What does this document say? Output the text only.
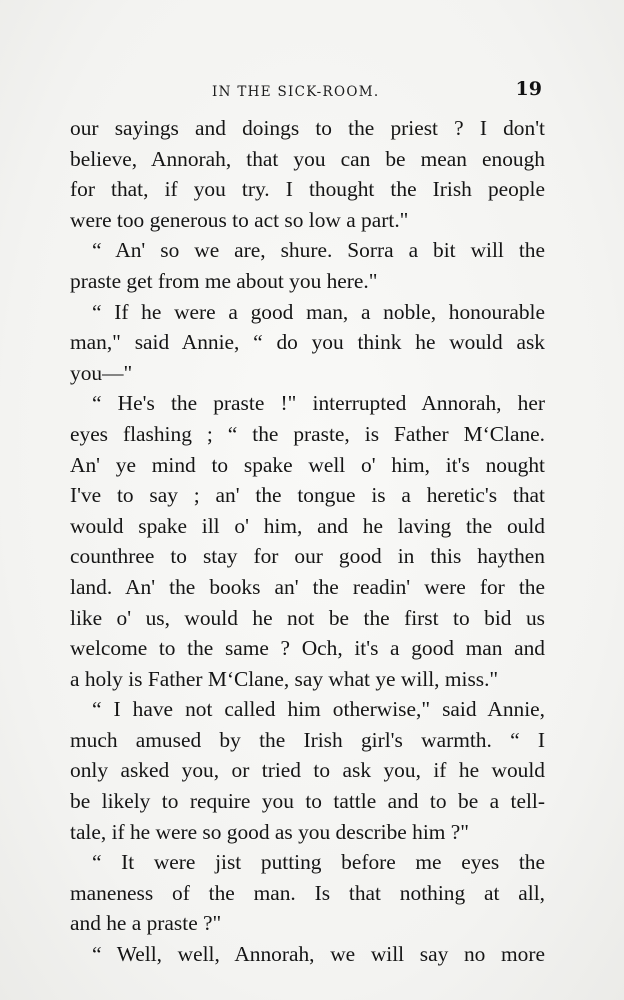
IN THE SICK-ROOM.	19
our sayings and doings to the priest ? I don't
believe, Annorah, that you can be mean enough
for that, if you try. I thought the Irish people
were too generous to act so low a part."
“ An' so we are, shure. Sorra a bit will the
praste get from me about you here."
“ If he were a good man, a noble, honourable
man," said Annie, “ do you think he would ask
you—"
“ He's the praste !" interrupted Annorah, her
eyes flashing ; “ the praste, is Father M‘Clane.
An' ye mind to spake well o' him, it's nought
I've to say ; an' the tongue is a heretic's that
would spake ill o' him, and he laving the ould
counthree to stay for our good in this haythen
land. An' the books an' the readin' were for the
like o' us, would he not be the first to bid us
welcome to the same ? Och, it's a good man and
a holy is Father M‘Clane, say what ye will, miss."
“ I have not called him otherwise," said Annie,
much amused by the Irish girl's warmth. “ I
only asked you, or tried to ask you, if he would
be likely to require you to tattle and to be a tell-
tale, if he were so good as you describe him ?"
“ It were jist putting before me eyes the
maneness of the man. Is that nothing at all,
and he a praste ?"
“ Well, well, Annorah, we will say no more
